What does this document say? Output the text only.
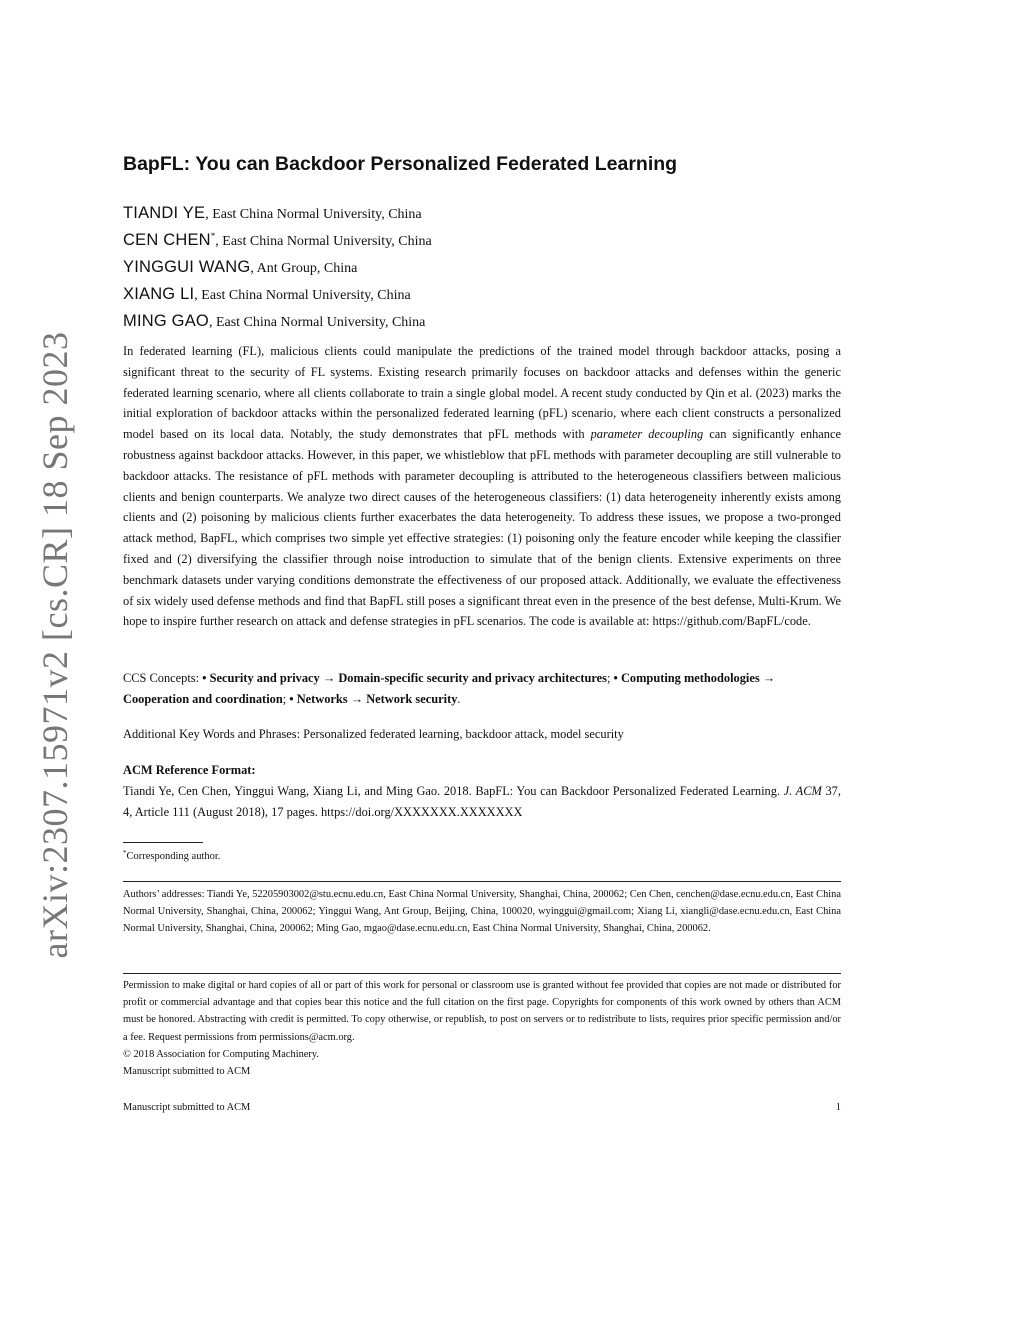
arXiv:2307.15971v2 [cs.CR] 18 Sep 2023
BapFL: You can Backdoor Personalized Federated Learning
TIANDI YE, East China Normal University, China
CEN CHEN*, East China Normal University, China
YINGGUI WANG, Ant Group, China
XIANG LI, East China Normal University, China
MING GAO, East China Normal University, China

In federated learning (FL), malicious clients could manipulate the predictions of the trained model through backdoor attacks, posing a significant threat to the security of FL systems. Existing research primarily focuses on backdoor attacks and defenses within the generic federated learning scenario, where all clients collaborate to train a single global model. A recent study conducted by Qin et al. (2023) marks the initial exploration of backdoor attacks within the personalized federated learning (pFL) scenario, where each client constructs a personalized model based on its local data. Notably, the study demonstrates that pFL methods with parameter decoupling can significantly enhance robustness against backdoor attacks. However, in this paper, we whistleblow that pFL methods with parameter decoupling are still vulnerable to backdoor attacks. The resistance of pFL methods with parameter decoupling is attributed to the heterogeneous classifiers between malicious clients and benign counterparts. We analyze two direct causes of the heterogeneous classifiers: (1) data heterogeneity inherently exists among clients and (2) poisoning by malicious clients further exacerbates the data heterogeneity. To address these issues, we propose a two-pronged attack method, BapFL, which comprises two simple yet effective strategies: (1) poisoning only the feature encoder while keeping the classifier fixed and (2) diversifying the classifier through noise introduction to simulate that of the benign clients. Extensive experiments on three benchmark datasets under varying conditions demonstrate the effectiveness of our proposed attack. Additionally, we evaluate the effectiveness of six widely used defense methods and find that BapFL still poses a significant threat even in the presence of the best defense, Multi-Krum. We hope to inspire further research on attack and defense strategies in pFL scenarios. The code is available at: https://github.com/BapFL/code.

CCS Concepts: • Security and privacy → Domain-specific security and privacy architectures; • Computing methodologies → Cooperation and coordination; • Networks → Network security.

Additional Key Words and Phrases: Personalized federated learning, backdoor attack, model security

ACM Reference Format:

Tiandi Ye, Cen Chen, Yinggui Wang, Xiang Li, and Ming Gao. 2018. BapFL: You can Backdoor Personalized Federated Learning. J. ACM 37, 4, Article 111 (August 2018), 17 pages. https://doi.org/XXXXXXX.XXXXXXX

*Corresponding author.

Authors’ addresses: Tiandi Ye, 52205903002@stu.ecnu.edu.cn, East China Normal University, Shanghai, China, 200062; Cen Chen, cenchen@dase.ecnu.edu.cn, East China Normal University, Shanghai, China, 200062; Yinggui Wang, Ant Group, Beijing, China, 100020, wyinggui@gmail.com; Xiang Li, xiangli@dase.ecnu.edu.cn, East China Normal University, Shanghai, China, 200062; Ming Gao, mgao@dase.ecnu.edu.cn, East China Normal University, Shanghai, China, 200062.

Permission to make digital or hard copies of all or part of this work for personal or classroom use is granted without fee provided that copies are not made or distributed for profit or commercial advantage and that copies bear this notice and the full citation on the first page. Copyrights for components of this work owned by others than ACM must be honored. Abstracting with credit is permitted. To copy otherwise, or republish, to post on servers or to redistribute to lists, requires prior specific permission and/or a fee. Request permissions from permissions@acm.org.

© 2018 Association for Computing Machinery.

Manuscript submitted to ACM

Manuscript submitted to ACM	1
